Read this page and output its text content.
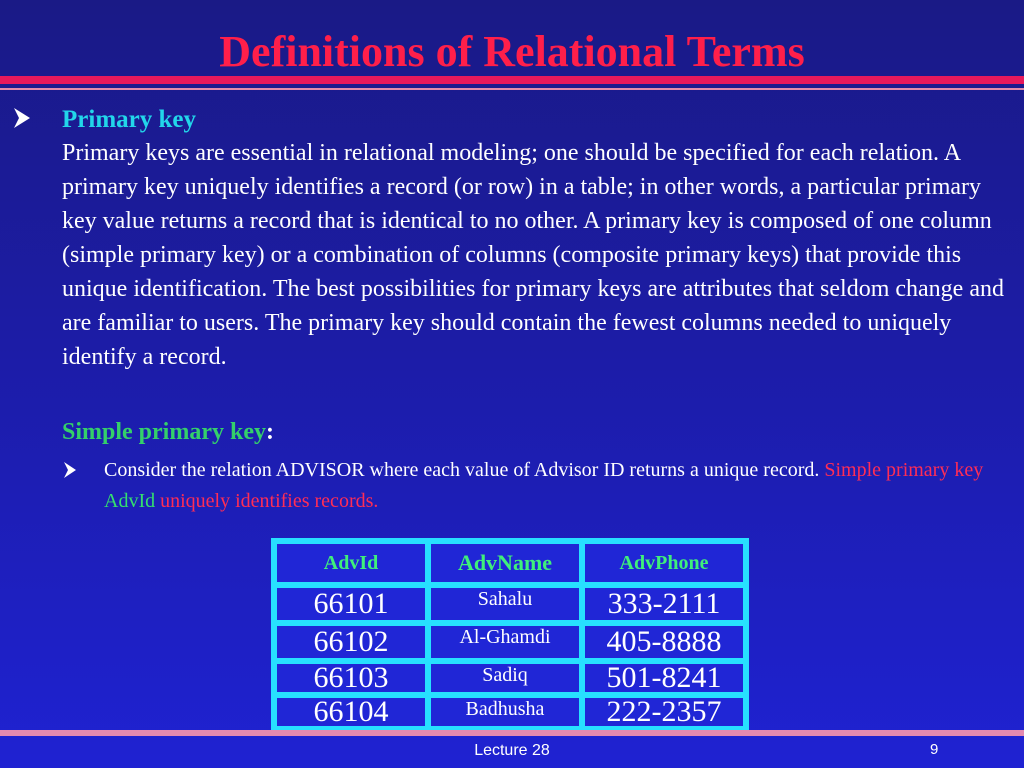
Definitions of Relational Terms
Primary key
Primary keys are essential in relational modeling; one should be specified for each relation. A primary key uniquely identifies a record (or row) in a table; in other words, a particular primary key value returns a record that is identical to no other. A primary key is composed of one column (simple primary key) or a combination of columns (composite primary keys) that provide this unique identification. The best possibilities for primary keys are attributes that seldom change and are familiar to users. The primary key should contain the fewest columns needed to uniquely identify a record.
Simple primary key:
Consider the relation ADVISOR where each value of Advisor ID returns a unique record. Simple primary key AdvId uniquely identifies records.
AdvId	AdvName	AdvPhone
66101	Sahalu	333-2111
66102	Al-Ghamdi	405-8888
66103	Sadiq	501-8241
66104	Badhusha	222-2357
Lecture 28	9
